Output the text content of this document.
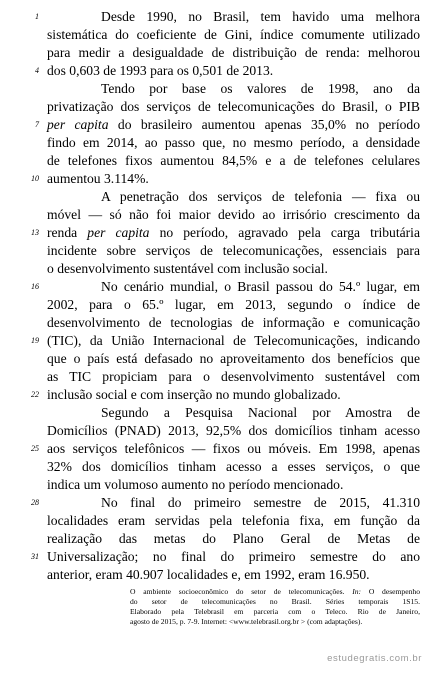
Desde 1990, no Brasil, tem havido uma melhora
sistemática do coeficiente de Gini, índice comumente utilizado
para medir a desigualdade de distribuição de renda: melhorou
dos 0,603 de 1993 para os 0,501 de 2013.
Tendo por base os valores de 1998, ano da
privatização dos serviços de telecomunicações do Brasil, o PIB
per capita do brasileiro aumentou apenas 35,0% no período
findo em 2014, ao passo que, no mesmo período, a densidade
de telefones fixos aumentou 84,5% e a de telefones celulares
aumentou 3.114%.
A penetração dos serviços de telefonia — fixa ou
móvel — só não foi maior devido ao irrisório crescimento da
renda per capita no período, agravado pela carga tributária
incidente sobre serviços de telecomunicações, essenciais para
o desenvolvimento sustentável com inclusão social.
No cenário mundial, o Brasil passou do 54.º lugar, em
2002, para o 65.º lugar, em 2013, segundo o índice de
desenvolvimento de tecnologias de informação e comunicação
(TIC), da União Internacional de Telecomunicações, indicando
que o país está defasado no aproveitamento dos benefícios que
as TIC propiciam para o desenvolvimento sustentável com
inclusão social e com inserção no mundo globalizado.
Segundo a Pesquisa Nacional por Amostra de
Domicílios (PNAD) 2013, 92,5% dos domicílios tinham acesso
aos serviços telefônicos — fixos ou móveis. Em 1998, apenas
32% dos domicílios tinham acesso a esses serviços, o que
indica um volumoso aumento no período mencionado.
No final do primeiro semestre de 2015, 41.310
localidades eram servidas pela telefonia fixa, em função da
realização das metas do Plano Geral de Metas de
Universalização; no final do primeiro semestre do ano
anterior, eram 40.907 localidades e, em 1992, eram 16.950.
1
4
7
10
13
16
19
22
25
28
31
O ambiente socioeconômico do setor de telecomunicações. In: O desempenho
do setor de telecomunicações no Brasil. Séries temporais 1S15.
Elaborado pela Telebrasil em parceria com o Teleco. Rio de Janeiro,
agosto de 2015, p. 7-9. Internet: <www.telebrasil.org.br > (com adaptações).
estudegratis.com.br
